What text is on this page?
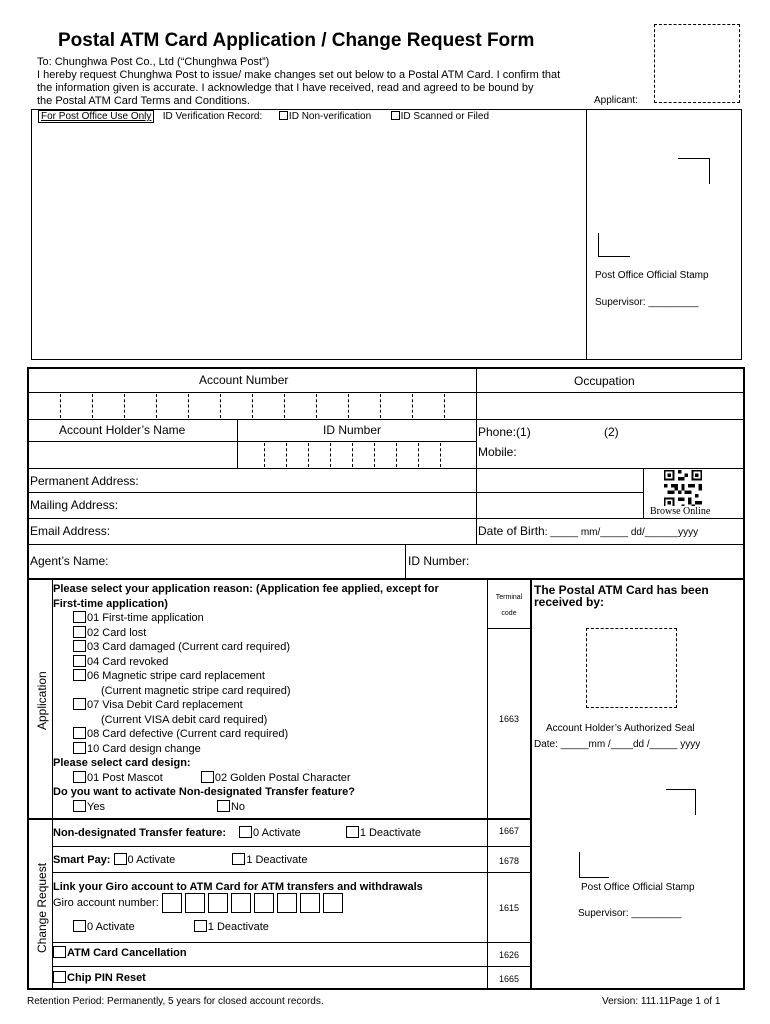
Postal ATM Card Application / Change Request Form
To: Chunghwa Post Co., Ltd (“Chunghwa Post”)
I hereby request Chunghwa Post to issue/ make changes set out below to a Postal ATM Card. I confirm that
the information given is accurate. I acknowledge that I have received, read and agreed to be bound by
the Postal ATM Card Terms and Conditions.	Applicant:
For Post Office Use Only ID Verification Record:	ID Non-verification	ID Scanned or Filed
Post Office Official Stamp
Supervisor: _________
Account Number	Occupation
Account Holder’s Name	ID Number	Phone:(1)	(2)
Mobile:
Permanent Address:
Mailing Address:	Browse Online
Email Address:	Date of Birth: _____ mm/_____ dd/______yyyy
Agent’s Name:	ID Number:
Application
Please select your application reason: (Application fee applied, except for
First-time application)
01 First-time application
02 Card lost
03 Card damaged (Current card required)
04 Card revoked
06 Magnetic stripe card replacement
(Current magnetic stripe card required)
07 Visa Debit Card replacement
(Current VISA debit card required)
08 Card defective (Current card required)
10 Card design change
Please select card design:
01 Post Mascot	02 Golden Postal Character
Do you want to activate Non-designated Transfer feature?
Yes	No
Terminal
code
1663
The Postal ATM Card has been
received by:
Account Holder’s Authorized Seal
Date: _____mm /____dd /_____ yyyy
Post Office Official Stamp
Supervisor: _________
Change Request
Non-designated Transfer feature: 0 Activate	1 Deactivate	1667
Smart Pay: 0 Activate	1 Deactivate	1678
Link your Giro account to ATM Card for ATM transfers and withdrawals
Giro account number:
0 Activate	1 Deactivate
1615
ATM Card Cancellation	1626
Chip PIN Reset	1665
Retention Period: Permanently, 5 years for closed account records.	Version: 111.11Page 1 of 1
